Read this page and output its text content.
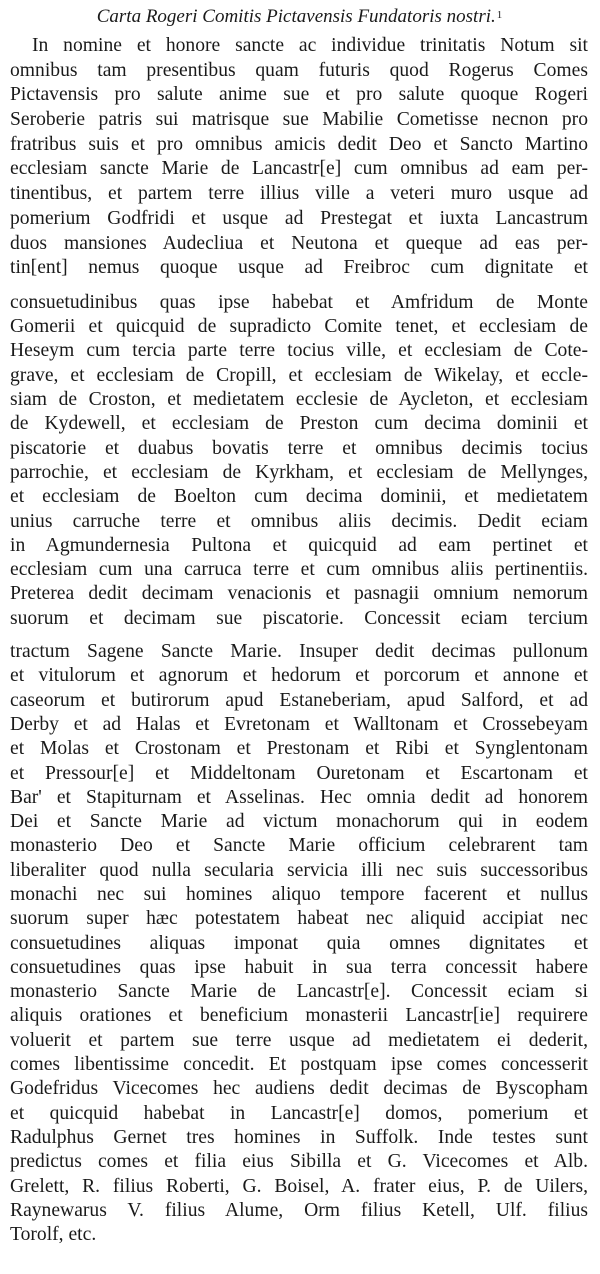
Carta Rogeri Comitis Pictavensis Fundatoris nostri.$^1$
In nomine et honore sancte ac individue trinitatis Notum sit
omnibus tam presentibus quam futuris quod Rogerus Comes
Pictavensis pro salute anime sue et pro salute quoque Rogeri
Seroberie patris sui matrisque sue Mabilie Cometisse necnon pro
fratribus suis et pro omnibus amicis dedit Deo et Sancto Martino
ecclesiam sancte Marie de Lancastr[e] cum omnibus ad eam per-
tinentibus, et partem terre illius ville a veteri muro usque ad
pomerium Godfridi et usque ad Prestegat et iuxta Lancastrum
duos mansiones Audecliua et Neutona et queque ad eas per-
tin[ent] nemus quoque usque ad Freibroc cum dignitate et
consuetudinibus quas ipse habebat et Amfridum de Monte
Gomerii et quicquid de supradicto Comite tenet, et ecclesiam de
Heseym cum tercia parte terre tocius ville, et ecclesiam de Cote-
grave, et ecclesiam de Cropill, et ecclesiam de Wikelay, et eccle-
siam de Croston, et medietatem ecclesie de Aycleton, et ecclesiam
de Kydewell, et ecclesiam de Preston cum decima dominii et
piscatorie et duabus bovatis terre et omnibus decimis tocius
parrochie, et ecclesiam de Kyrkham, et ecclesiam de Mellynges,
et ecclesiam de Boelton cum decima dominii, et medietatem
unius carruche terre et omnibus aliis decimis. Dedit eciam
in Agmundernesia Pultona et quicquid ad eam pertinet et
ecclesiam cum una carruca terre et cum omnibus aliis pertinentiis.
Preterea dedit decimam venacionis et pasnagii omnium nemorum
suorum et decimam sue piscatorie. Concessit eciam tercium
tractum Sagene Sancte Marie. Insuper dedit decimas pullonum
et vitulorum et agnorum et hedorum et porcorum et annone et
caseorum et butirorum apud Estaneberiam, apud Salford, et ad
Derby et ad Halas et Evretonam et Walltonam et Crossebeyam
et Molas et Crostonam et Prestonam et Ribi et Synglentonam
et Pressour[e] et Middeltonam Ouretonam et Escartonam et
Bar' et Stapiturnam et Asselinas. Hec omnia dedit ad honorem
Dei et Sancte Marie ad victum monachorum qui in eodem
monasterio Deo et Sancte Marie officium celebrarent tam
liberaliter quod nulla secularia servicia illi nec suis successoribus
monachi nec sui homines aliquo tempore facerent et nullus
suorum super hæc potestatem habeat nec aliquid accipiat nec
consuetudines aliquas imponat quia omnes dignitates et
consuetudines quas ipse habuit in sua terra concessit habere
monasterio Sancte Marie de Lancastr[e]. Concessit eciam si
aliquis orationes et beneficium monasterii Lancastr[ie] requirere
voluerit et partem sue terre usque ad medietatem ei dederit,
comes libentissime concedit. Et postquam ipse comes concesserit
Godefridus Vicecomes hec audiens dedit decimas de Byscopham
et quicquid habebat in Lancastr[e] domos, pomerium et
Radulphus Gernet tres homines in Suffolk. Inde testes sunt
predictus comes et filia eius Sibilla et G. Vicecomes et Alb.
Grelett, R. filius Roberti, G. Boisel, A. frater eius, P. de Uilers,
Raynewarus V. filius Alume, Orm filius Ketell, Ulf. filius
Torolf, etc.
